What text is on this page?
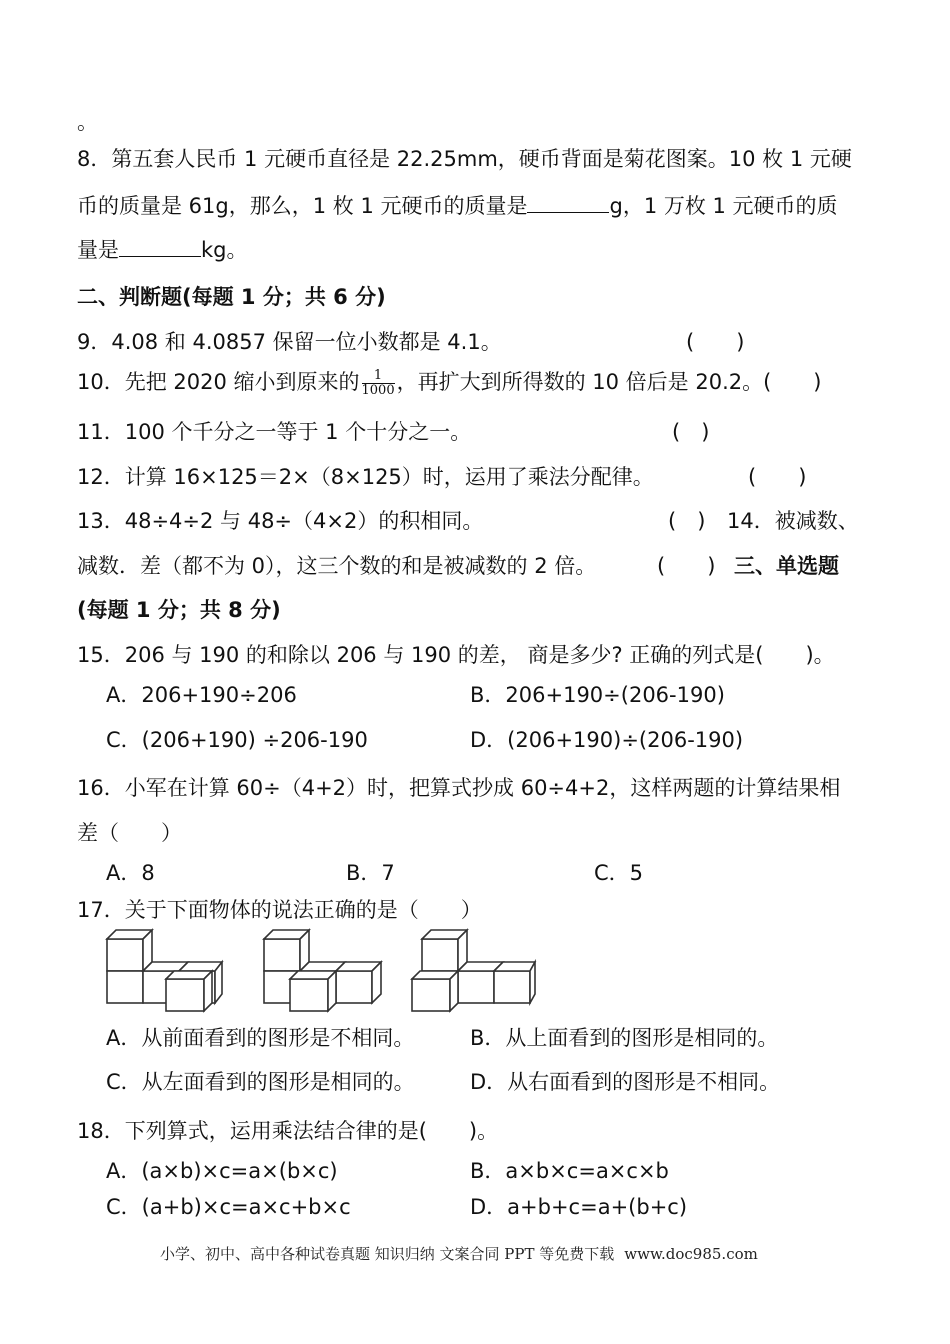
。
8．第五套人民币 1 元硬币直径是 22.25mm，硬币背面是菊花图案。10 枚 1 元硬
币的质量是 61g，那么，1 枚 1 元硬币的质量是	g，1 万枚 1 元硬币的质
量是	kg。
二、判断题(每题 1 分；共 6 分)
9．4.08 和 4.0857 保留一位小数都是 4.1。	(　　)
10．先把 2020 缩小到原来的 $\frac{1}{1000}$ ，再扩大到所得数的 10 倍后是 20.2。(　　)
11．100 个千分之一等于 1 个十分之一。	(　)
12．计算 16×125＝2×（8×125）时，运用了乘法分配律。	(　　)
13．48÷4÷2 与 48÷（4×2）的积相同。	(　) 14．被减数、
减数．差（都不为 0），这三个数的和是被减数的 2 倍。	(　　) 三、单选题
(每题 1 分；共 8 分)
15．206 与 190 的和除以 206 与 190 的差， 商是多少? 正确的列式是(　　)。
A．206+190÷206	B．206+190÷(206-190)
C．(206+190) ÷206-190	D．(206+190)÷(206-190)
16．小军在计算 60÷（4+2）时，把算式抄成 60÷4+2，这样两题的计算结果相
差（　　）
A．8	B．7	C．5
17．关于下面物体的说法正确的是（　　）
A．从前面看到的图形是不相同。	B．从上面看到的图形是相同的。
C．从左面看到的图形是相同的。	D．从右面看到的图形是不相同。
18．下列算式，运用乘法结合律的是(　　)。
A．(a×b)×c=a×(b×c)	B．a×b×c=a×c×b
C．(a+b)×c=a×c+b×c	D．a+b+c=a+(b+c)
小学、初中、高中各种试卷真题 知识归纳 文案合同 PPT 等免费下载 www.doc985.com
